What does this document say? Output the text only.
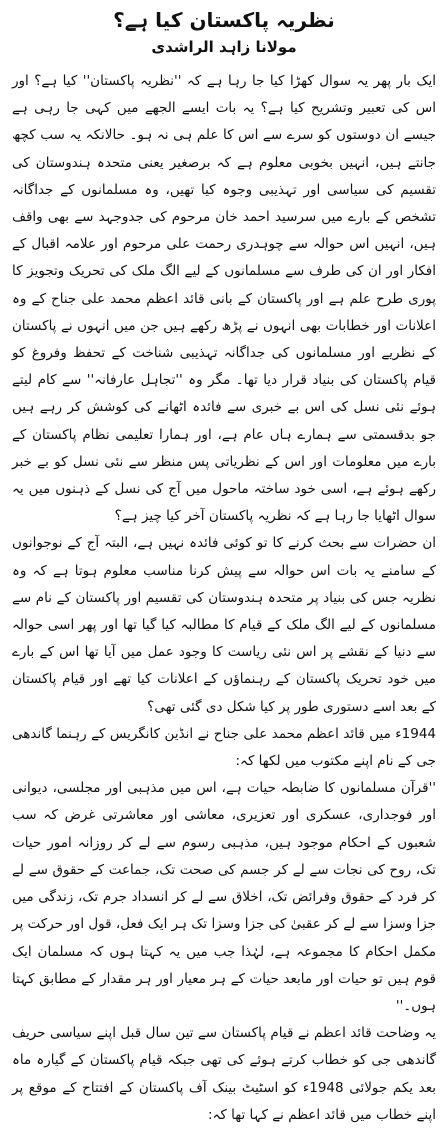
نظریہ پاکستان کیا ہے؟
مولانا زاہد الراشدی

ایک بار پھر یہ سوال کھڑا کیا جا رہا ہے کہ ''نظریہ پاکستان'' کیا ہے؟ اور اس کی تعبیر وتشریح کیا ہے؟ یہ بات ایسے الجھے میں کہی جا رہی ہے جیسے ان دوستوں کو سرے سے اس کا علم ہی نہ ہو۔ حالانکہ یہ سب کچھ جانتے ہیں، انہیں بخوبی معلوم ہے کہ برصغیر یعنی متحدہ ہندوستان کی تقسیم کی سیاسی اور تہذیبی وجوہ کیا تھیں، وہ مسلمانوں کے جداگانہ تشخص کے بارے میں سرسید احمد خان مرحوم کی جدوجہد سے بھی واقف ہیں، انہیں اس حوالہ سے چوہدری رحمت علی مرحوم اور علامہ اقبال کے افکار اور ان کی طرف سے مسلمانوں کے لیے الگ ملک کی تحریک وتجویز کا پوری طرح علم ہے اور پاکستان کے بانی قائد اعظم محمد علی جناح کے وہ اعلانات اور خطابات بھی انہوں نے پڑھ رکھے ہیں جن میں انہوں نے پاکستان کے نظریے اور مسلمانوں کی جداگانہ تہذیبی شناخت کے تحفظ وفروغ کو قیام پاکستان کی بنیاد قرار دیا تھا۔ مگر وہ ''تجاہل عارفانہ'' سے کام لیتے ہوئے نئی نسل کی اس بے خبری سے فائدہ اٹھانے کی کوشش کر رہے ہیں جو بدقسمتی سے ہمارے ہاں عام ہے، اور ہمارا تعلیمی نظام پاکستان کے بارے میں معلومات اور اس کے نظریاتی پس منظر سے نئی نسل کو بے خبر رکھے ہوئے ہے، اسی خود ساختہ ماحول میں آج کی نسل کے ذہنوں میں یہ سوال اٹھایا جا رہا ہے کہ نظریہ پاکستان آخر کیا چیز ہے؟

ان حضرات سے بحث کرنے کا تو کوئی فائدہ نہیں ہے، البتہ آج کے نوجوانوں کے سامنے یہ بات اس حوالہ سے پیش کرنا مناسب معلوم ہوتا ہے کہ وہ نظریہ جس کی بنیاد پر متحدہ ہندوستان کی تقسیم اور پاکستان کے نام سے مسلمانوں کے لیے الگ ملک کے قیام کا مطالبہ کیا گیا تھا اور پھر اسی حوالہ سے دنیا کے نقشے پر اس نئی ریاست کا وجود عمل میں آیا تھا اس کے بارے میں خود تحریک پاکستان کے رہنماؤں کے اعلانات کیا تھے اور قیام پاکستان کے بعد اسے دستوری طور پر کیا شکل دی گئی تھی؟

1944ء میں قائد اعظم محمد علی جناح نے انڈین کانگریس کے رہنما گاندھی جی کے نام اپنے مکتوب میں لکھا کہ:

''قرآن مسلمانوں کا ضابطہ حیات ہے، اس میں مذہبی اور مجلسی، دیوانی اور فوجداری، عسکری اور تعزیری، معاشی اور معاشرتی غرض کہ سب شعبوں کے احکام موجود ہیں، مذہبی رسوم سے لے کر روزانہ امور حیات تک، روح کی نجات سے لے کر جسم کی صحت تک، جماعت کے حقوق سے لے کر فرد کے حقوق وفرائض تک، اخلاق سے لے کر انسداد جرم تک، زندگی میں جزا وسزا سے لے کر عقبیٰ کی جزا وسزا تک ہر ایک فعل، قول اور حرکت پر مکمل احکام کا مجموعہ ہے، لہٰذا جب میں یہ کہتا ہوں کہ مسلمان ایک قوم ہیں تو حیات اور مابعد حیات کے ہر معیار اور ہر مقدار کے مطابق کہتا ہوں۔''

یہ وضاحت قائد اعظم نے قیام پاکستان سے تین سال قبل اپنے سیاسی حریف گاندھی جی کو خطاب کرتے ہوئے کی تھی جبکہ قیام پاکستان کے گیارہ ماہ بعد یکم جولائی 1948ء کو اسٹیٹ بینک آف پاکستان کے افتتاح کے موقع پر اپنے خطاب میں قائد اعظم نے کہا تھا کہ:
